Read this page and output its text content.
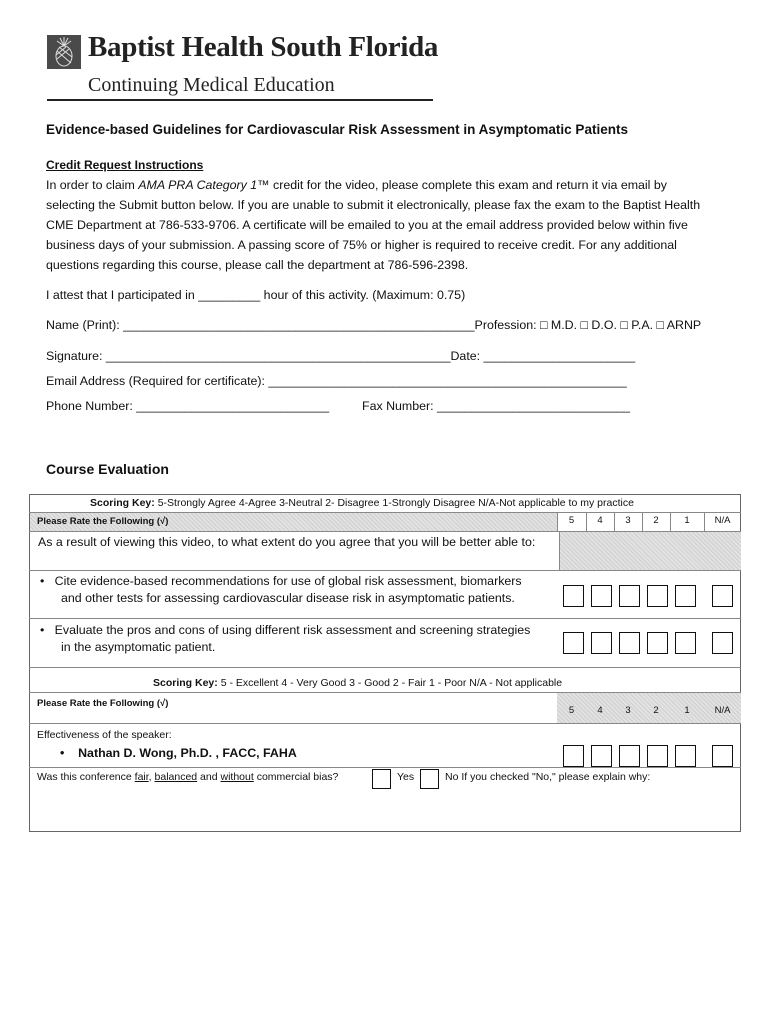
Baptist Health South Florida
Continuing Medical Education
Evidence-based Guidelines for Cardiovascular Risk Assessment in Asymptomatic Patients
Credit Request Instructions
In order to claim AMA PRA Category 1™ credit for the video, please complete this exam and return it via email by selecting the Submit button below. If you are unable to submit it electronically, please fax the exam to the Baptist Health CME Department at 786-533-9706. A certificate will be emailed to you at the email address provided below within five business days of your submission. A passing score of 75% or higher is required to receive credit. For any additional questions regarding this course, please call the department at 786-596-2398.
I attest that I participated in _________ hour of this activity. (Maximum: 0.75)
Name (Print): ___________________________________________________Profession: □ M.D. □ D.O. □ P.A. □ ARNP
Signature: __________________________________________________Date: ______________________
Email Address (Required for certificate): ____________________________________________________
Phone Number: ____________________________	Fax Number: ____________________________
Course Evaluation
Scoring Key: 5-Strongly Agree 4-Agree 3-Neutral 2- Disagree 1-Strongly Disagree N/A-Not applicable to my practice
Please Rate the Following (√)	5	4	3	2	1	N/A
As a result of viewing this video, to what extent do you agree that you will be better able to:
•   Cite evidence-based recommendations for use of global risk assessment, biomarkers
and other tests for assessing cardiovascular disease risk in asymptomatic patients.
•   Evaluate the pros and cons of using different risk assessment and screening strategies
in the asymptomatic patient.
Scoring Key: 5 - Excellent 4 - Very Good 3 - Good 2 - Fair 1 - Poor N/A - Not applicable
Please Rate the Following (√)
5	4	3	2	1	N/A
Effectiveness of the speaker:
•    Nathan D. Wong, Ph.D. , FACC, FAHA
Was this conference fair, balanced and without commercial bias?	Yes	No If you checked "No," please explain why:
